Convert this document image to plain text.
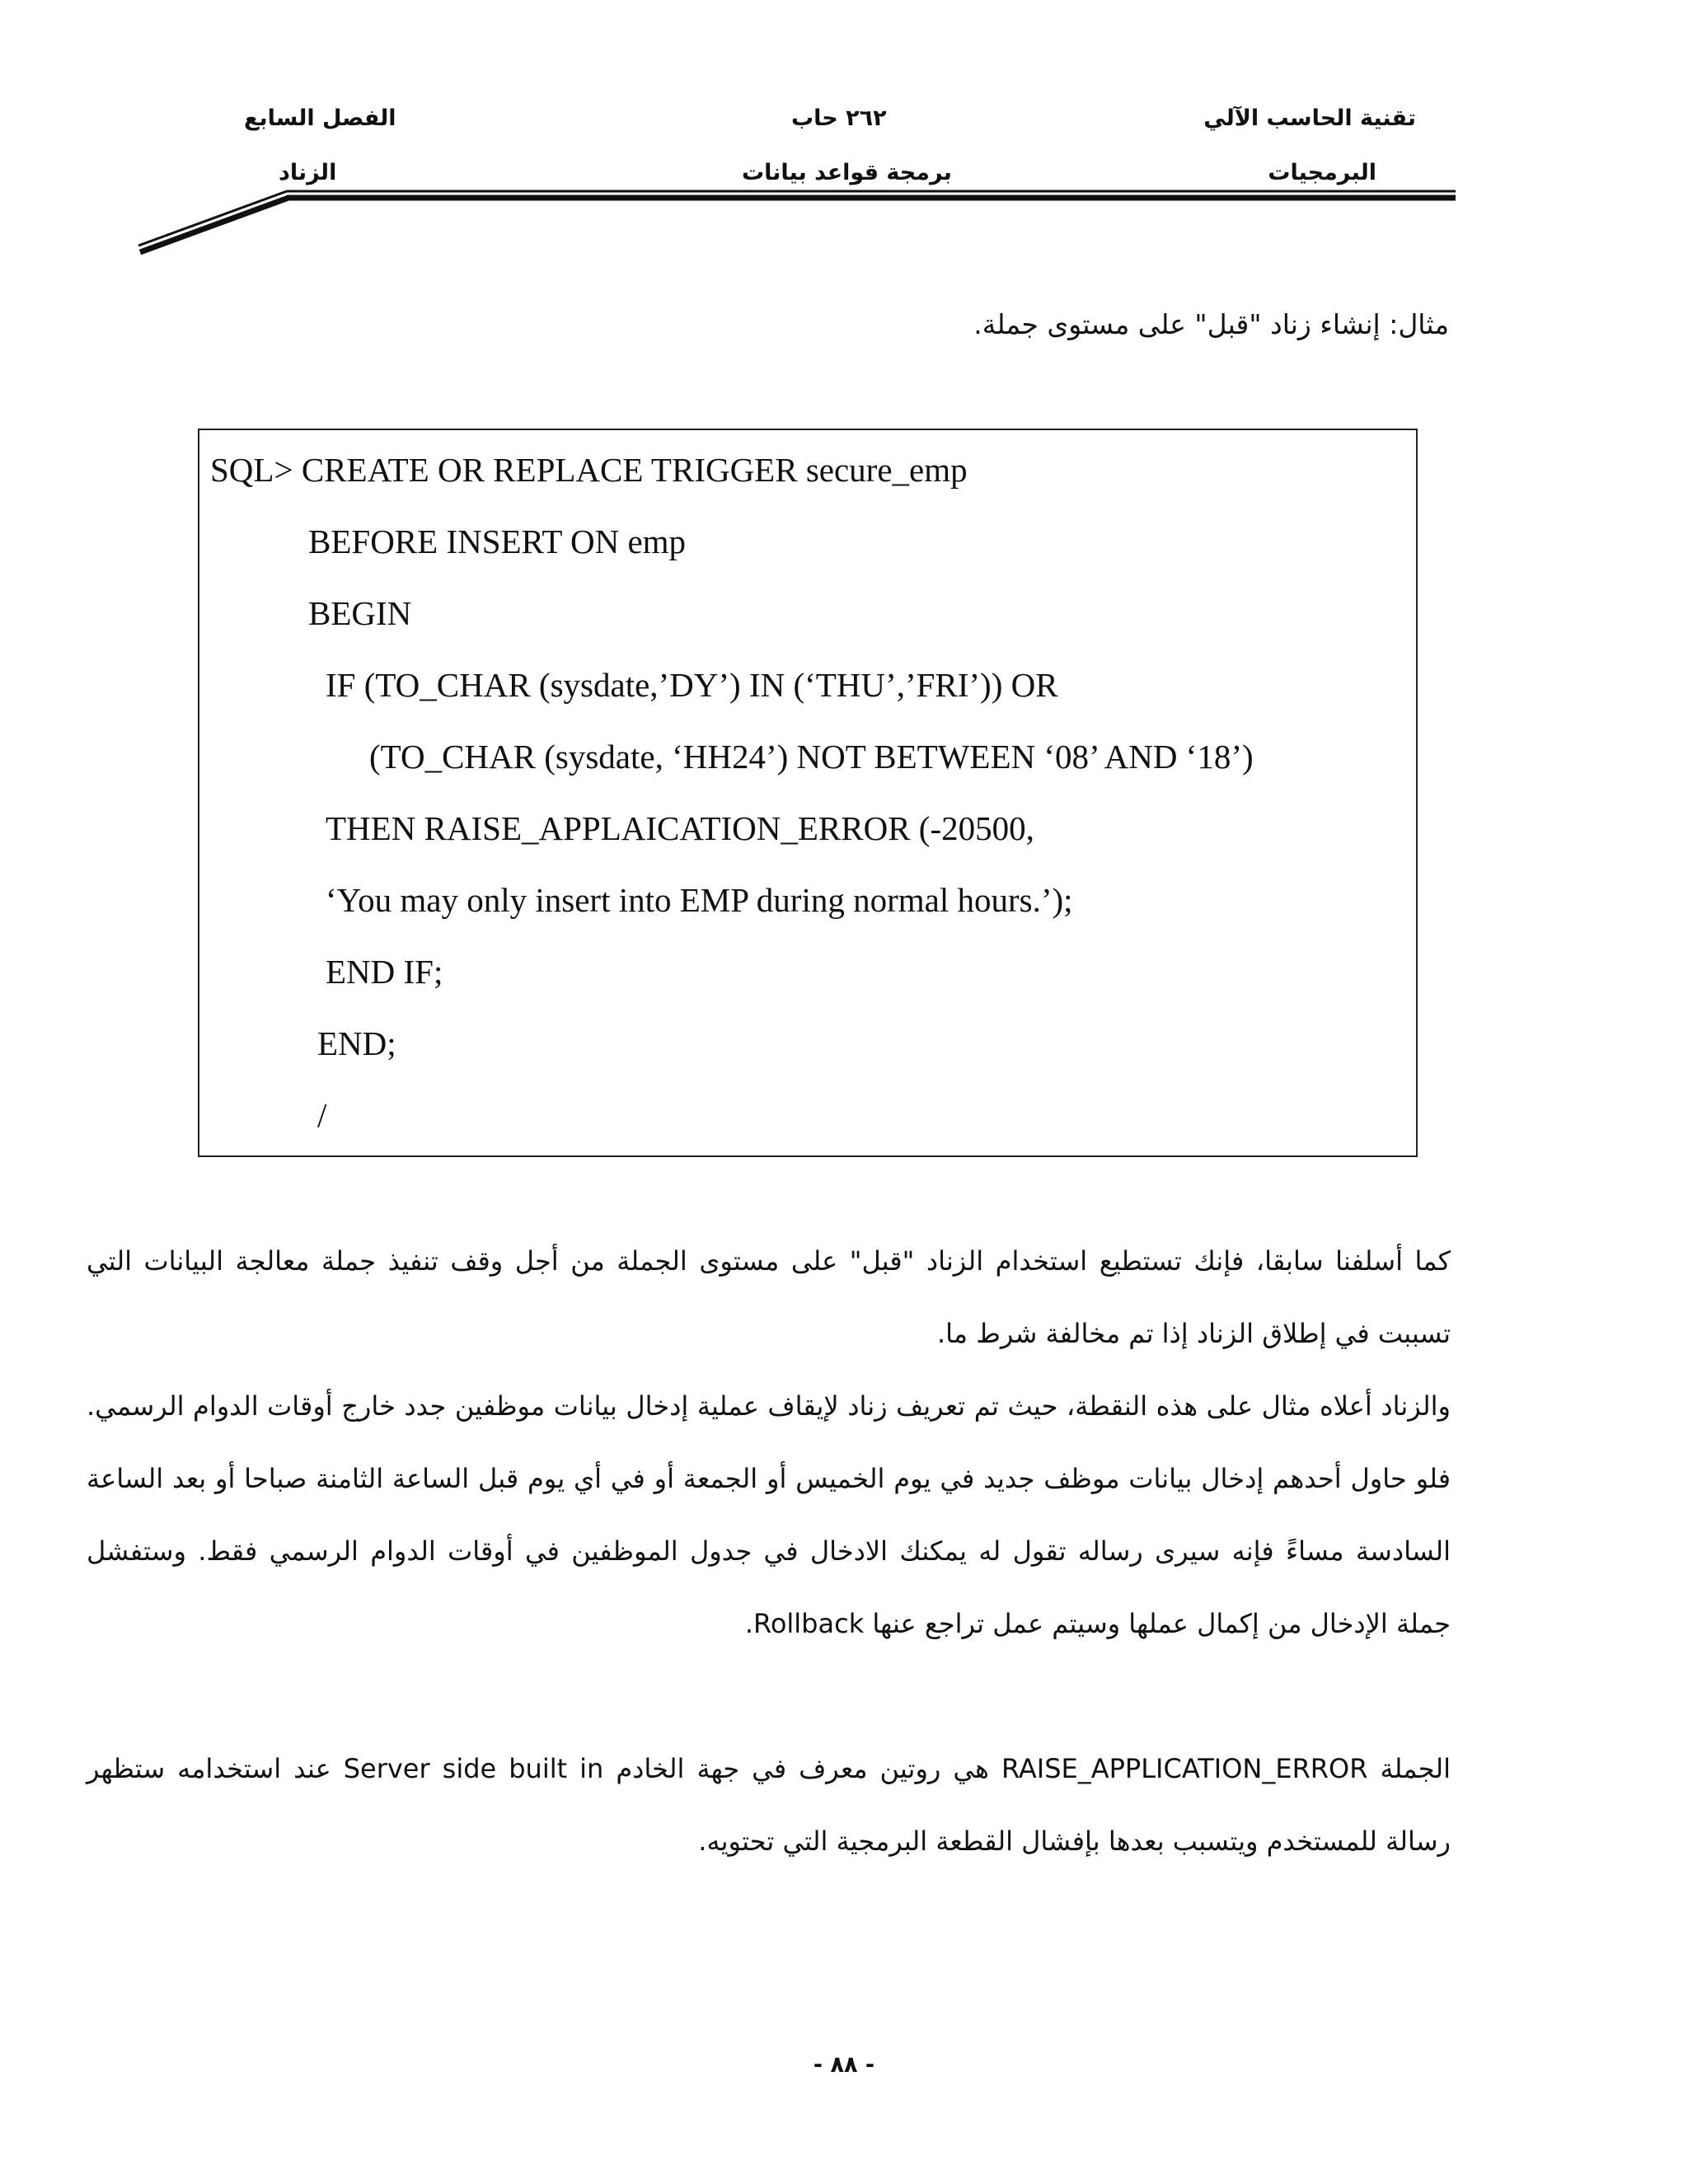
تقنية الحاسب الآلي
البرمجيات
٢٦٢ حاب
برمجة قواعد بيانات
الفصل السابع
الزناد
مثال: إنشاء زناد "قبل" على مستوى جملة.
SQL> CREATE OR REPLACE TRIGGER secure_emp
BEFORE INSERT ON emp
BEGIN
IF (TO_CHAR (sysdate,’DY’) IN (‘THU’,’FRI’)) OR
(TO_CHAR (sysdate, ‘HH24’) NOT BETWEEN ‘08’ AND ‘18’)
THEN RAISE_APPLAICATION_ERROR (-20500,
‘You may only insert into EMP during normal hours.’);
END IF;
END;
/
كما أسلفنا سابقا، فإنك تستطيع استخدام الزناد "قبل" على مستوى الجملة من أجل وقف تنفيذ جملة معالجة البيانات التي تسببت في إطلاق الزناد إذا تم مخالفة شرط ما.
والزناد أعلاه مثال على هذه النقطة، حيث تم تعريف زناد لإيقاف عملية إدخال بيانات موظفين جدد خارج أوقات الدوام الرسمي. فلو حاول أحدهم إدخال بيانات موظف جديد في يوم الخميس أو الجمعة أو في أي يوم قبل الساعة الثامنة صباحا أو بعد الساعة السادسة مساءً فإنه سيرى رساله تقول له يمكنك الادخال في جدول الموظفين في أوقات الدوام الرسمي فقط. وستفشل جملة الإدخال من إكمال عملها وسيتم عمل تراجع عنها Rollback.
الجملة RAISE_APPLICATION_ERROR هي روتين معرف في جهة الخادم Server side built in عند استخدامه ستظهر رسالة للمستخدم ويتسبب بعدها بإفشال القطعة البرمجية التي تحتويه.
- ٨٨ -
